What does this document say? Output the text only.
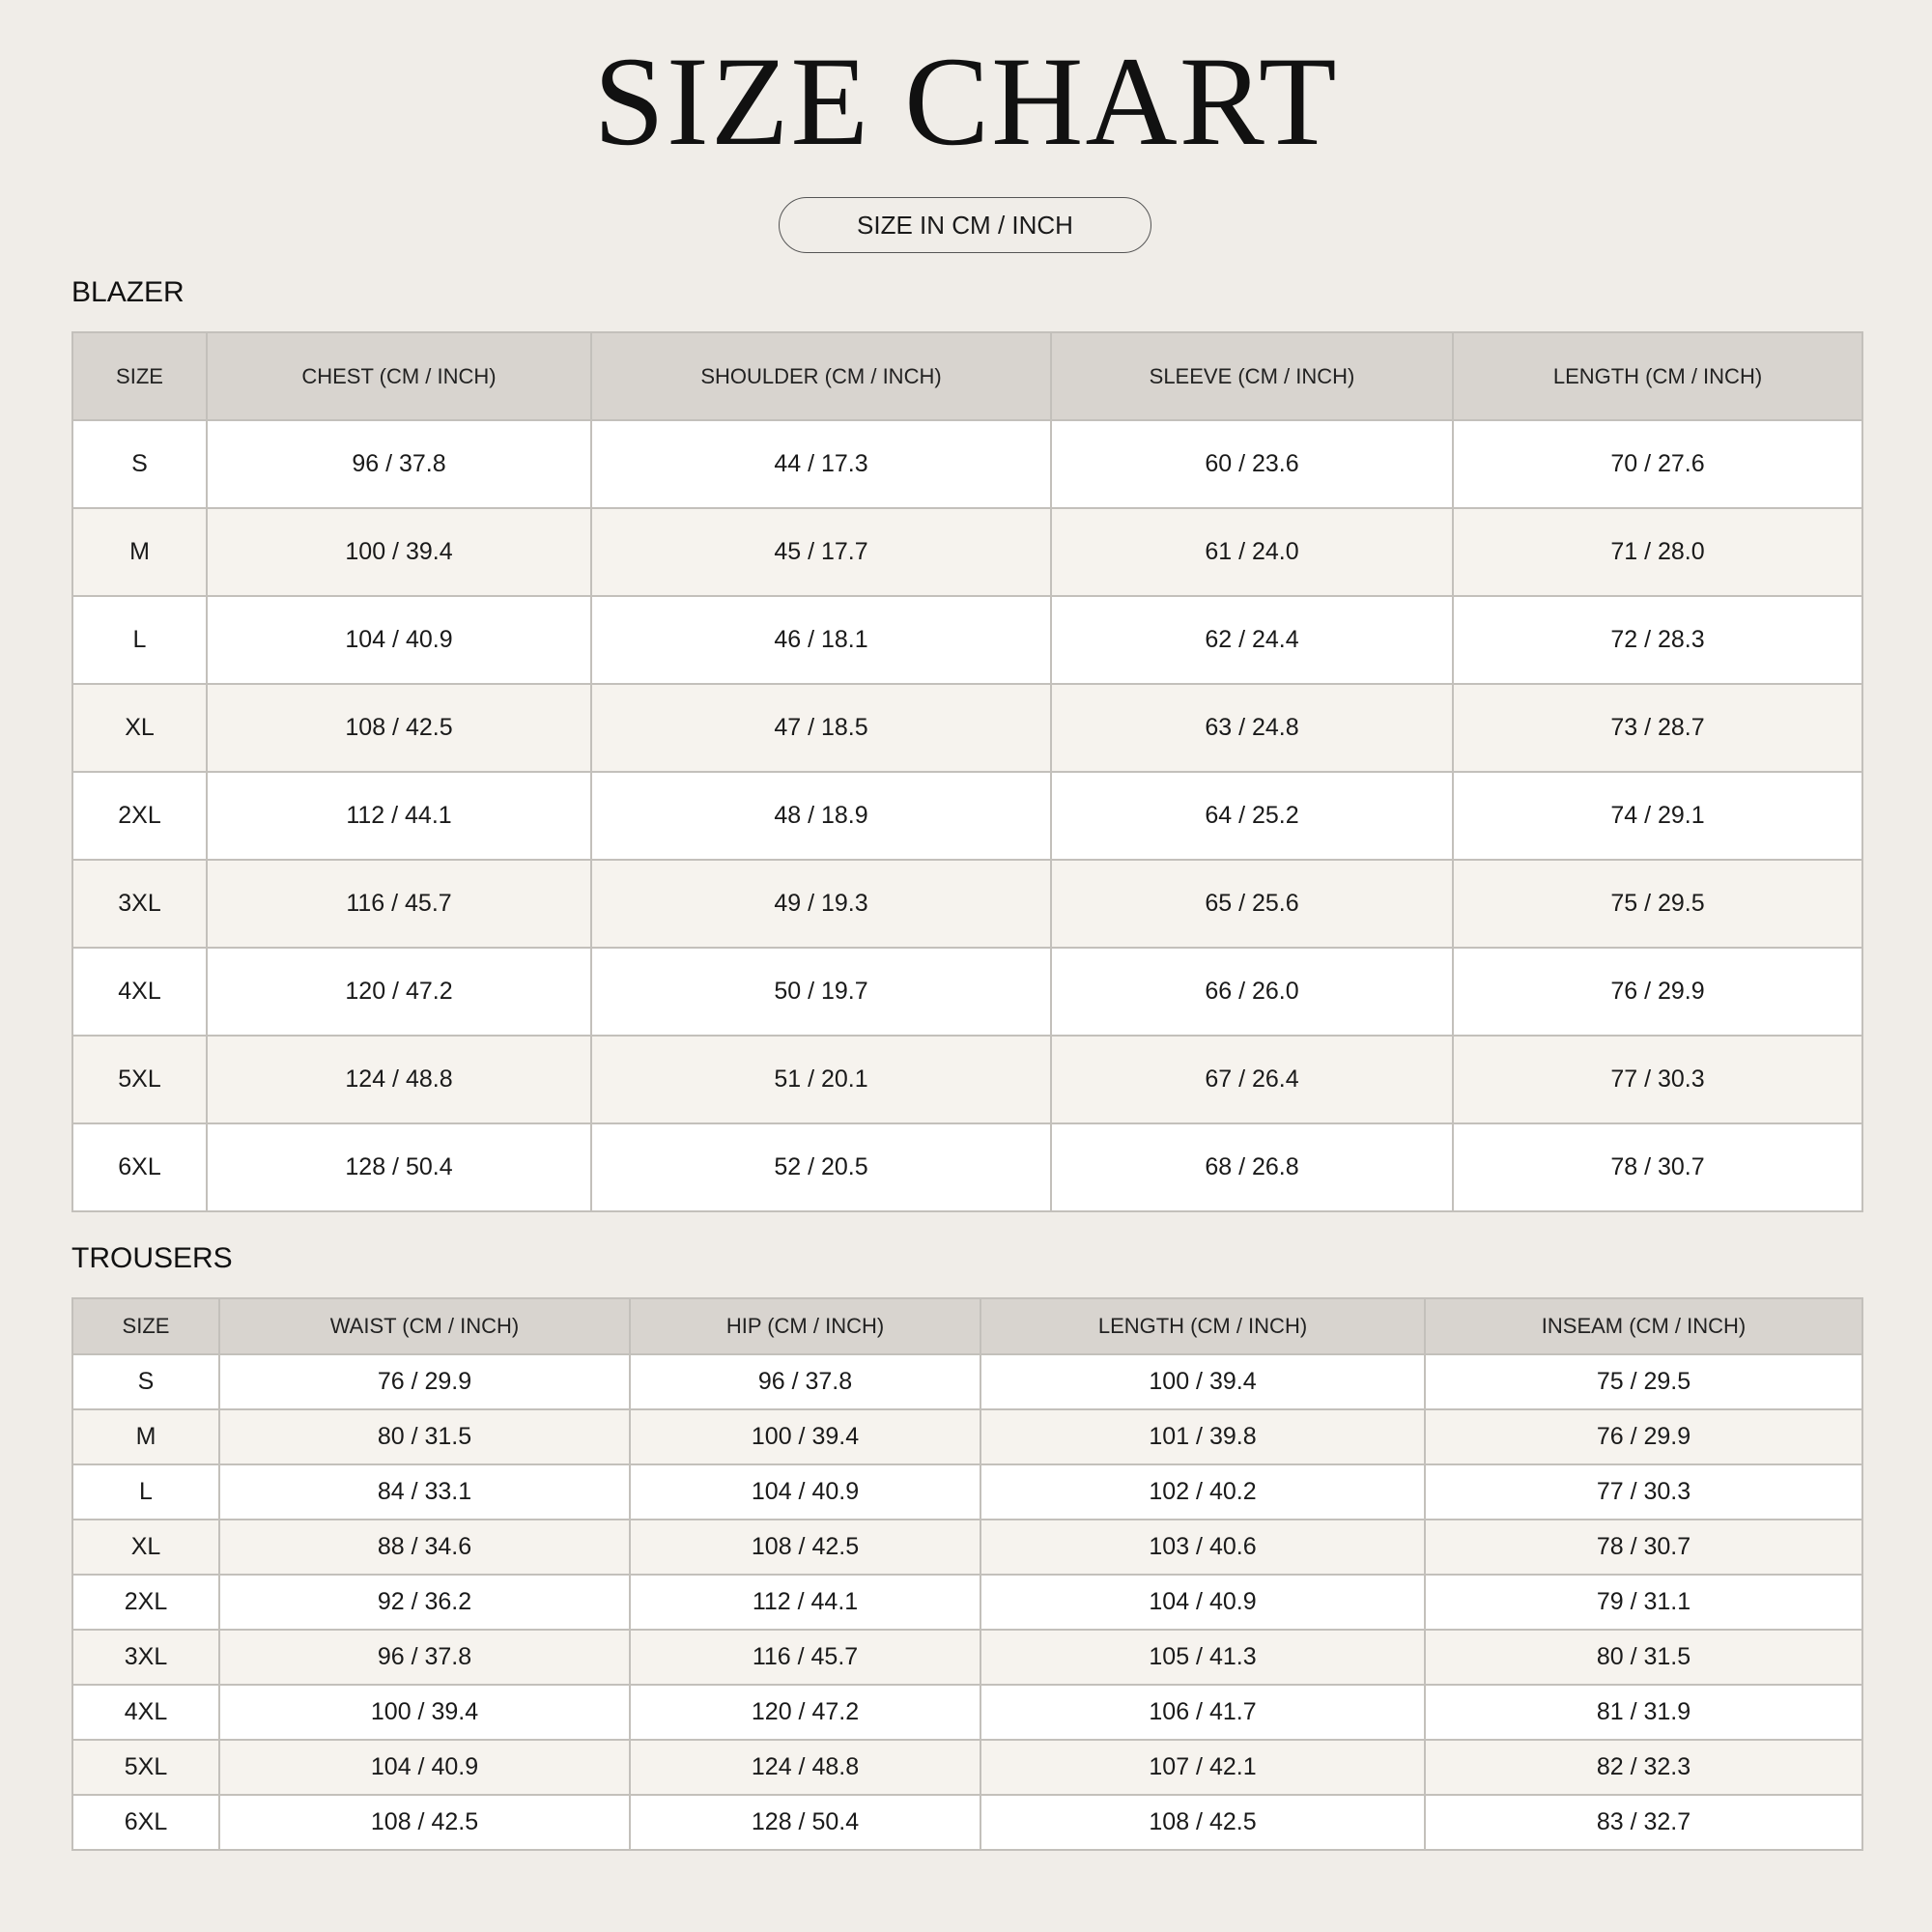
SIZE CHART
SIZE IN CM / INCH
BLAZER
SIZE	CHEST (CM / INCH)	SHOULDER (CM / INCH)	SLEEVE (CM / INCH)	LENGTH (CM / INCH)
S	96 / 37.8	44 / 17.3	60 / 23.6	70 / 27.6
M	100 / 39.4	45 / 17.7	61 / 24.0	71 / 28.0
L	104 / 40.9	46 / 18.1	62 / 24.4	72 / 28.3
XL	108 / 42.5	47 / 18.5	63 / 24.8	73 / 28.7
2XL	112 / 44.1	48 / 18.9	64 / 25.2	74 / 29.1
3XL	116 / 45.7	49 / 19.3	65 / 25.6	75 / 29.5
4XL	120 / 47.2	50 / 19.7	66 / 26.0	76 / 29.9
5XL	124 / 48.8	51 / 20.1	67 / 26.4	77 / 30.3
6XL	128 / 50.4	52 / 20.5	68 / 26.8	78 / 30.7
TROUSERS
SIZE	WAIST (CM / INCH)	HIP (CM / INCH)	LENGTH (CM / INCH)	INSEAM (CM / INCH)
S	76 / 29.9	96 / 37.8	100 / 39.4	75 / 29.5
M	80 / 31.5	100 / 39.4	101 / 39.8	76 / 29.9
L	84 / 33.1	104 / 40.9	102 / 40.2	77 / 30.3
XL	88 / 34.6	108 / 42.5	103 / 40.6	78 / 30.7
2XL	92 / 36.2	112 / 44.1	104 / 40.9	79 / 31.1
3XL	96 / 37.8	116 / 45.7	105 / 41.3	80 / 31.5
4XL	100 / 39.4	120 / 47.2	106 / 41.7	81 / 31.9
5XL	104 / 40.9	124 / 48.8	107 / 42.1	82 / 32.3
6XL	108 / 42.5	128 / 50.4	108 / 42.5	83 / 32.7
